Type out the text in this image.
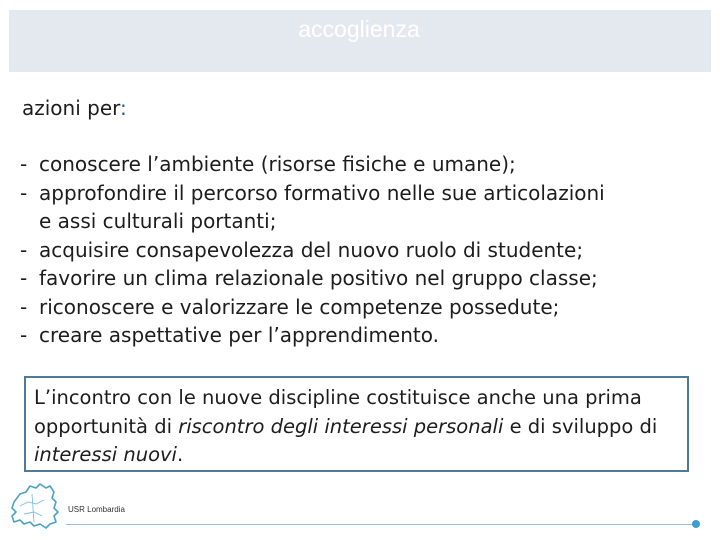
accoglienza
azioni per:
- conoscere l’ambiente (risorse fisiche e umane);
- approfondire il percorso formativo nelle sue articolazioni
e assi culturali portanti;
- acquisire consapevolezza del nuovo ruolo di studente;
- favorire un clima relazionale positivo nel gruppo classe;
- riconoscere e valorizzare le competenze possedute;
- creare aspettative per l’apprendimento.
L’incontro con le nuove discipline costituisce anche una prima opportunità di riscontro degli interessi personali e di sviluppo di interessi nuovi.
USR Lombardia
